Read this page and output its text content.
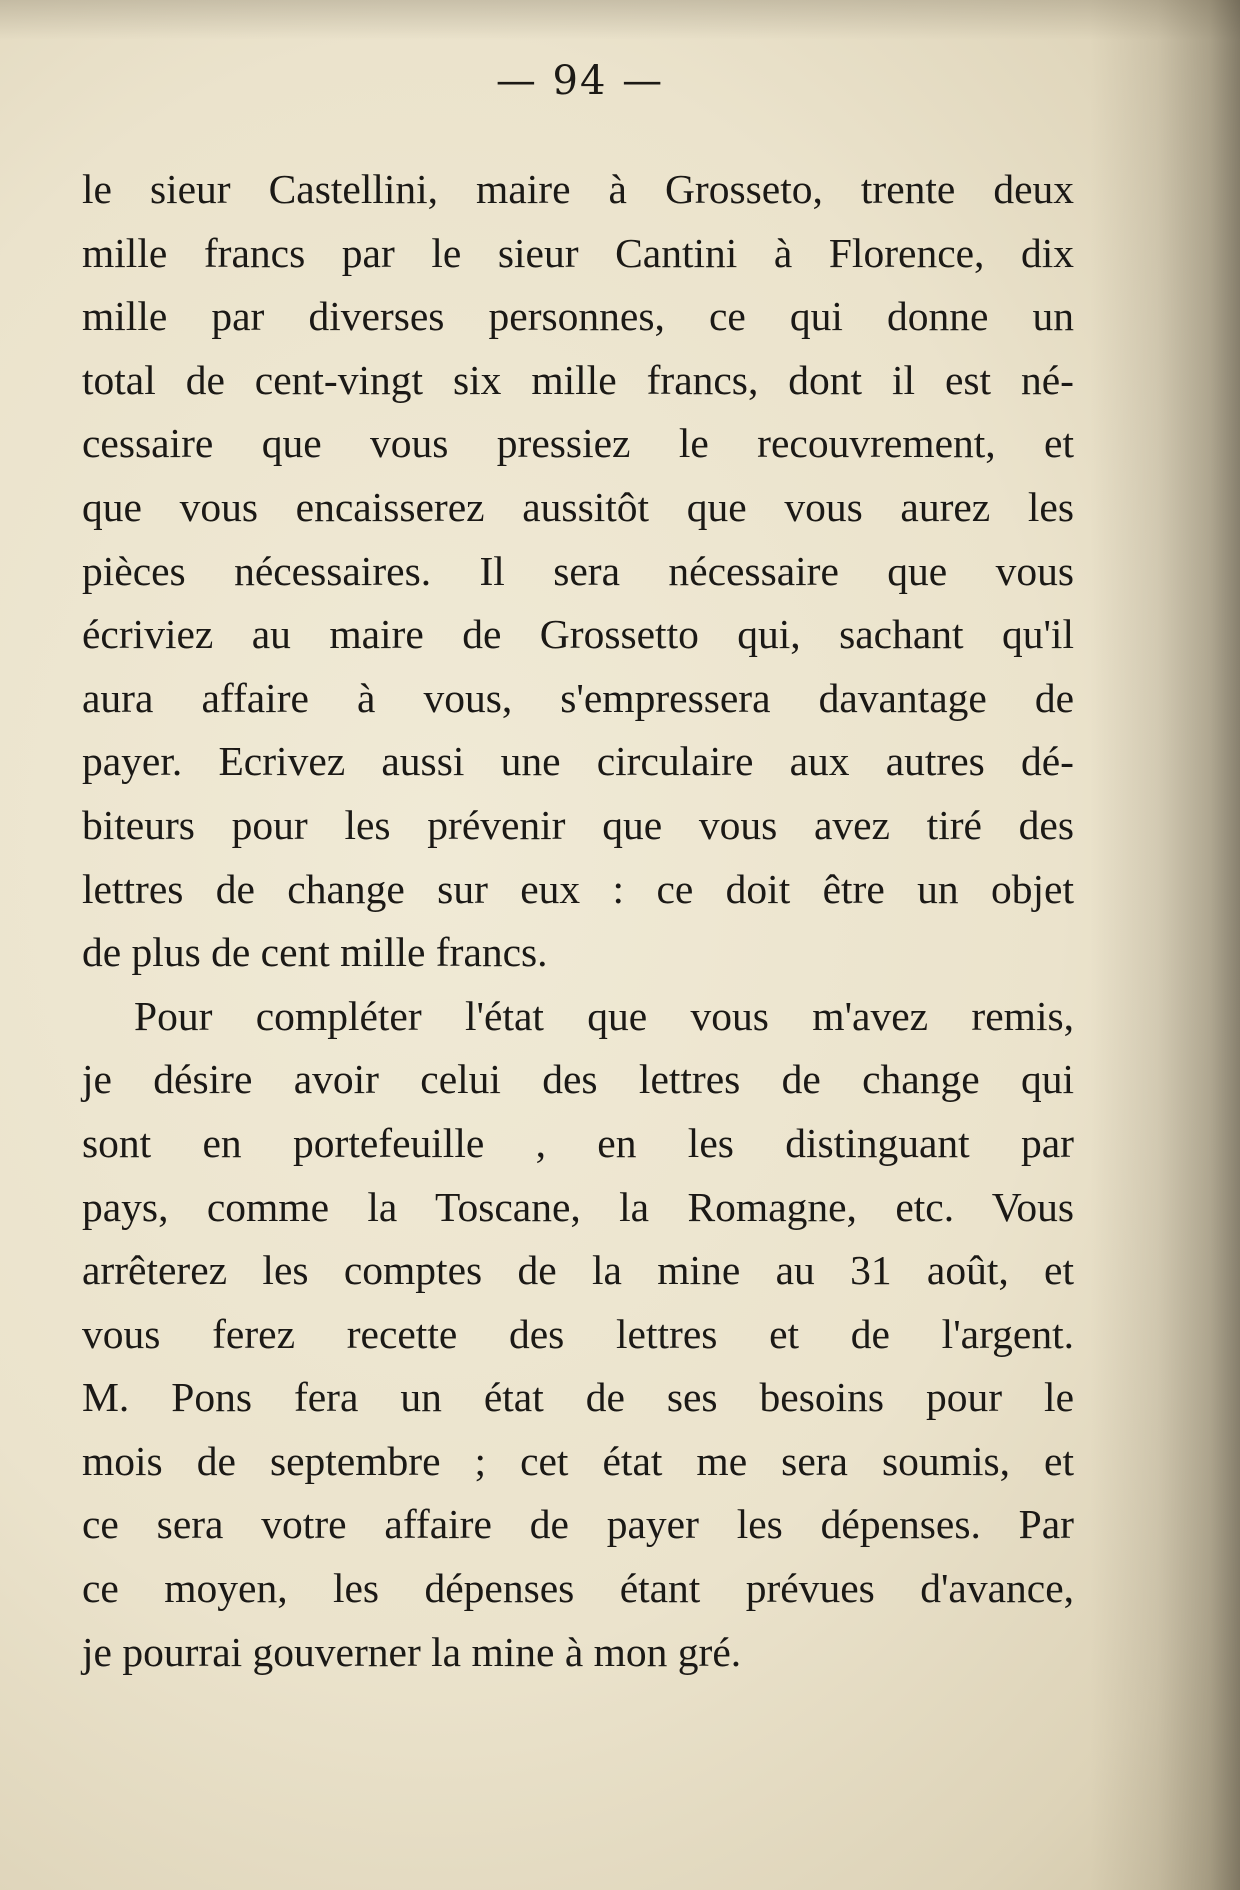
— 94 —
le sieur Castellini, maire à Grosseto, trente deux
mille francs par le sieur Cantini à Florence, dix
mille par diverses personnes, ce qui donne un
total de cent-vingt six mille francs, dont il est né-
cessaire que vous pressiez le recouvrement, et
que vous encaisserez aussitôt que vous aurez les
pièces nécessaires. Il sera nécessaire que vous
écriviez au maire de Grossetto qui, sachant qu'il
aura affaire à vous, s'empressera davantage de
payer. Ecrivez aussi une circulaire aux autres dé-
biteurs pour les prévenir que vous avez tiré des
lettres de change sur eux : ce doit être un objet
de plus de cent mille francs.
Pour compléter l'état que vous m'avez remis,
je désire avoir celui des lettres de change qui
sont en portefeuille , en les distinguant par
pays, comme la Toscane, la Romagne, etc. Vous
arrêterez les comptes de la mine au 31 août, et
vous ferez recette des lettres et de l'argent.
M. Pons fera un état de ses besoins pour le
mois de septembre ; cet état me sera soumis, et
ce sera votre affaire de payer les dépenses. Par
ce moyen, les dépenses étant prévues d'avance,
je pourrai gouverner la mine à mon gré.
